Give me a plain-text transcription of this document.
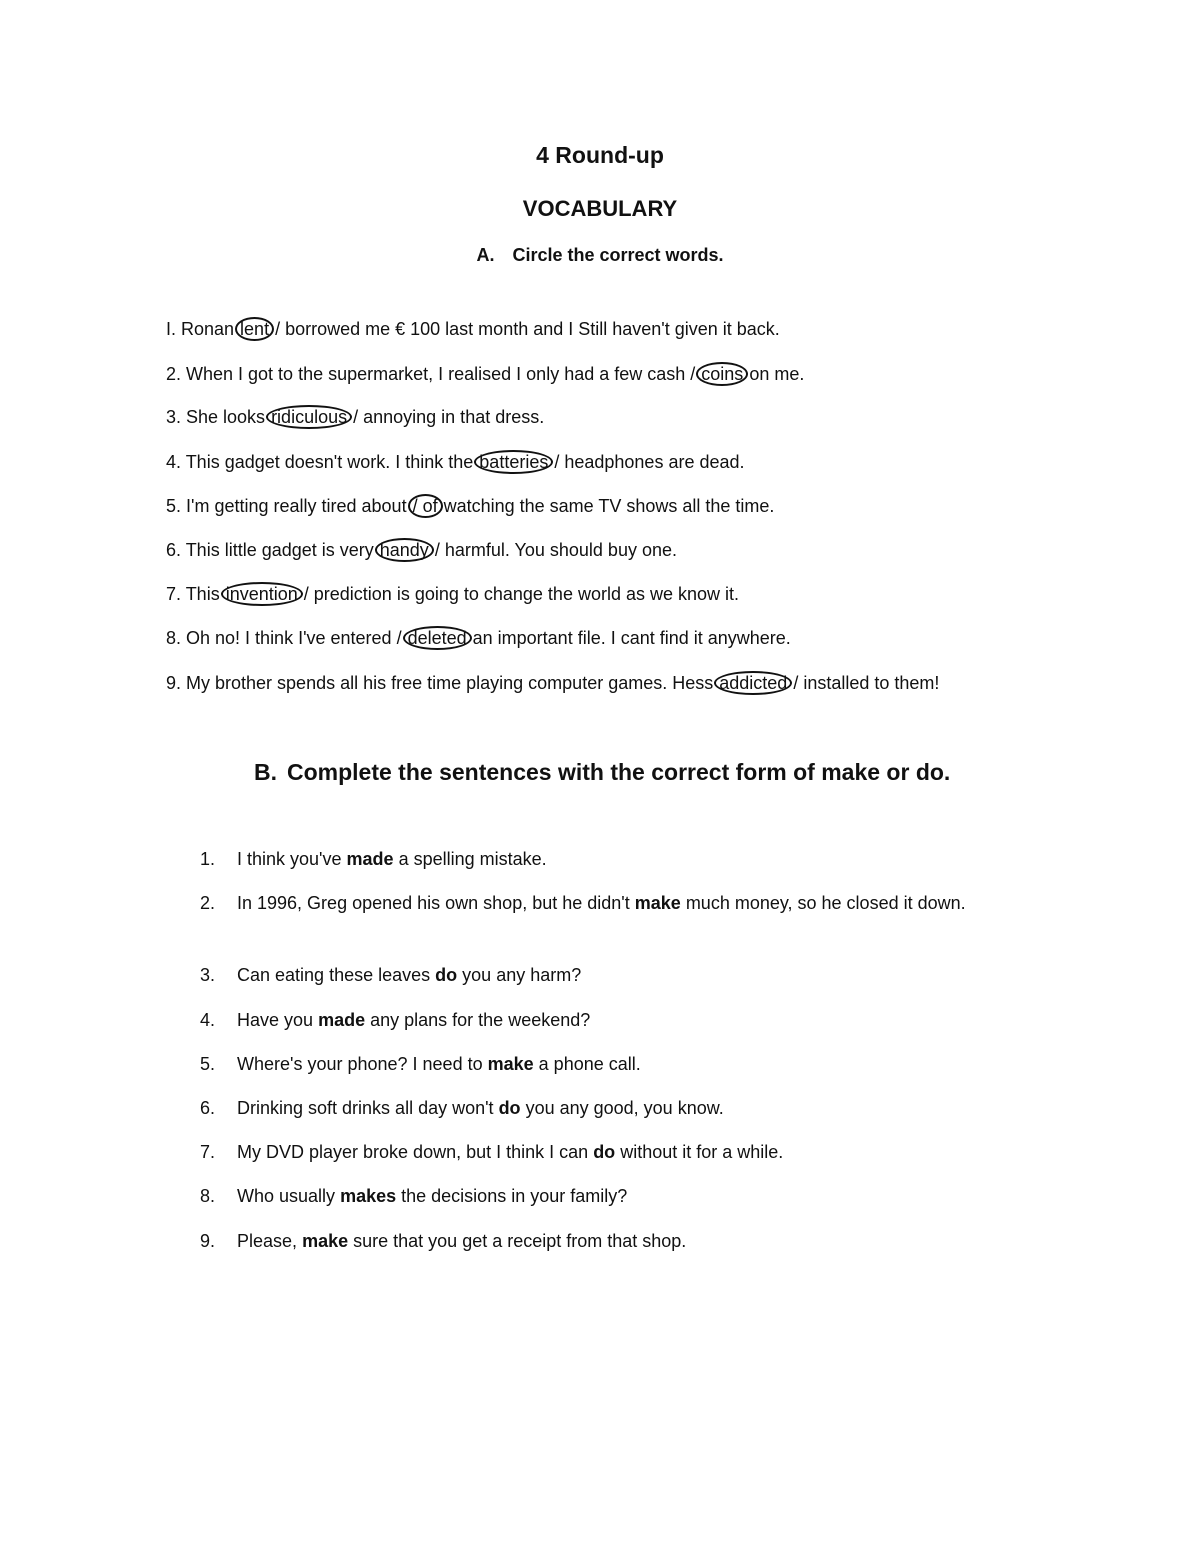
4 Round-up
VOCABULARY
A. Circle the correct words.
I. Ronan lent / borrowed me € 100 last month and I Still haven't given it back.
2. When I got to the supermarket, I realised I only had a few cash / coins on me.
3. She looks ridiculous / annoying in that dress.
4. This gadget doesn't work. I think the batteries / headphones are dead.
5. I'm getting really tired about / of watching the same TV shows all the time.
6. This little gadget is very handy / harmful. You should buy one.
7. This invention / prediction is going to change the world as we know it.
8. Oh no! I think I've entered / deleted an important file. I cant find it anywhere.
9. My brother spends all his free time playing computer games. Hess addicted / installed to them!
B. Complete the sentences with the correct form of make or do.
1.	I think you've made a spelling mistake.
2.	In 1996, Greg opened his own shop, but he didn't make much money, so he closed it down.
3.	Can eating these leaves do you any harm?
4.	Have you made any plans for the weekend?
5.	Where's your phone? I need to make a phone call.
6.	Drinking soft drinks all day won't do you any good, you know.
7.	My DVD player broke down, but I think I can do without it for a while.
8.	Who usually makes the decisions in your family?
9.	Please, make sure that you get a receipt from that shop.
